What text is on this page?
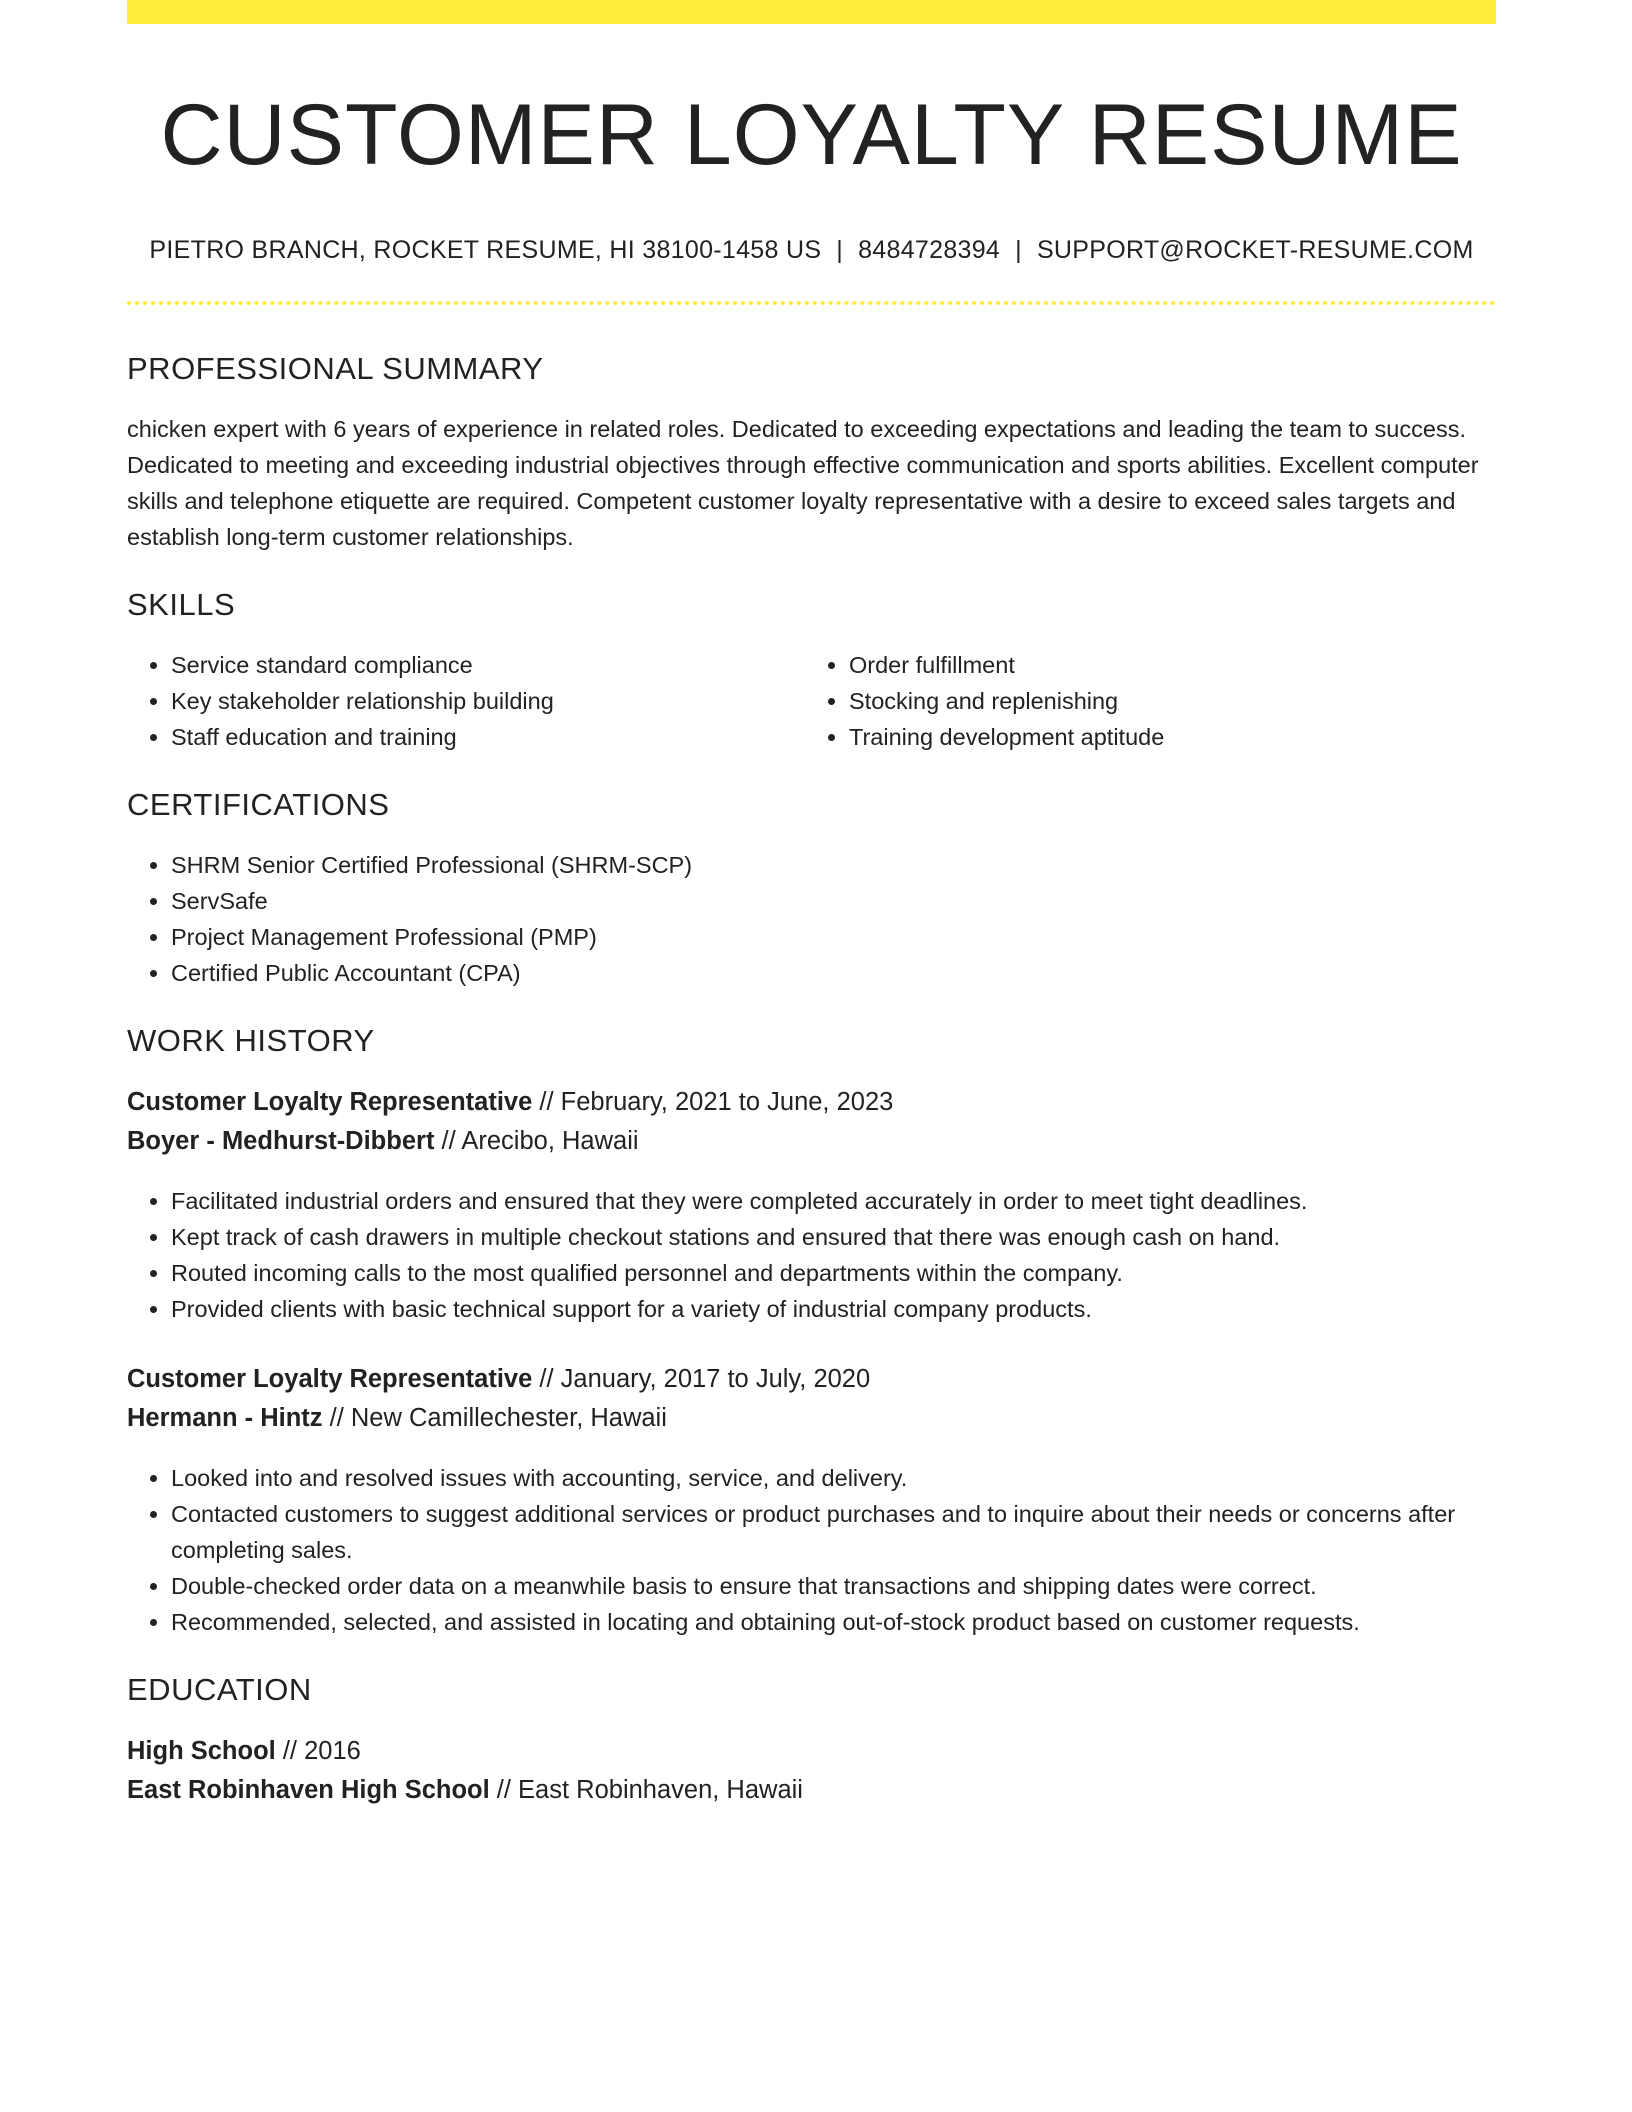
CUSTOMER LOYALTY RESUME
PIETRO BRANCH, ROCKET RESUME, HI 38100-1458 US | 8484728394 | SUPPORT@ROCKET-RESUME.COM
PROFESSIONAL SUMMARY
chicken expert with 6 years of experience in related roles. Dedicated to exceeding expectations and leading the team to success. Dedicated to meeting and exceeding industrial objectives through effective communication and sports abilities. Excellent computer skills and telephone etiquette are required. Competent customer loyalty representative with a desire to exceed sales targets and establish long-term customer relationships.
SKILLS
• Service standard compliance
• Key stakeholder relationship building
• Staff education and training
• Order fulfillment
• Stocking and replenishing
• Training development aptitude
CERTIFICATIONS
• SHRM Senior Certified Professional (SHRM-SCP)
• ServSafe
• Project Management Professional (PMP)
• Certified Public Accountant (CPA)
WORK HISTORY
Customer Loyalty Representative // February, 2021 to June, 2023
Boyer - Medhurst-Dibbert // Arecibo, Hawaii
• Facilitated industrial orders and ensured that they were completed accurately in order to meet tight deadlines.
• Kept track of cash drawers in multiple checkout stations and ensured that there was enough cash on hand.
• Routed incoming calls to the most qualified personnel and departments within the company.
• Provided clients with basic technical support for a variety of industrial company products.
Customer Loyalty Representative // January, 2017 to July, 2020
Hermann - Hintz // New Camillechester, Hawaii
• Looked into and resolved issues with accounting, service, and delivery.
• Contacted customers to suggest additional services or product purchases and to inquire about their needs or concerns after completing sales.
• Double-checked order data on a meanwhile basis to ensure that transactions and shipping dates were correct.
• Recommended, selected, and assisted in locating and obtaining out-of-stock product based on customer requests.
EDUCATION
High School // 2016
East Robinhaven High School // East Robinhaven, Hawaii
